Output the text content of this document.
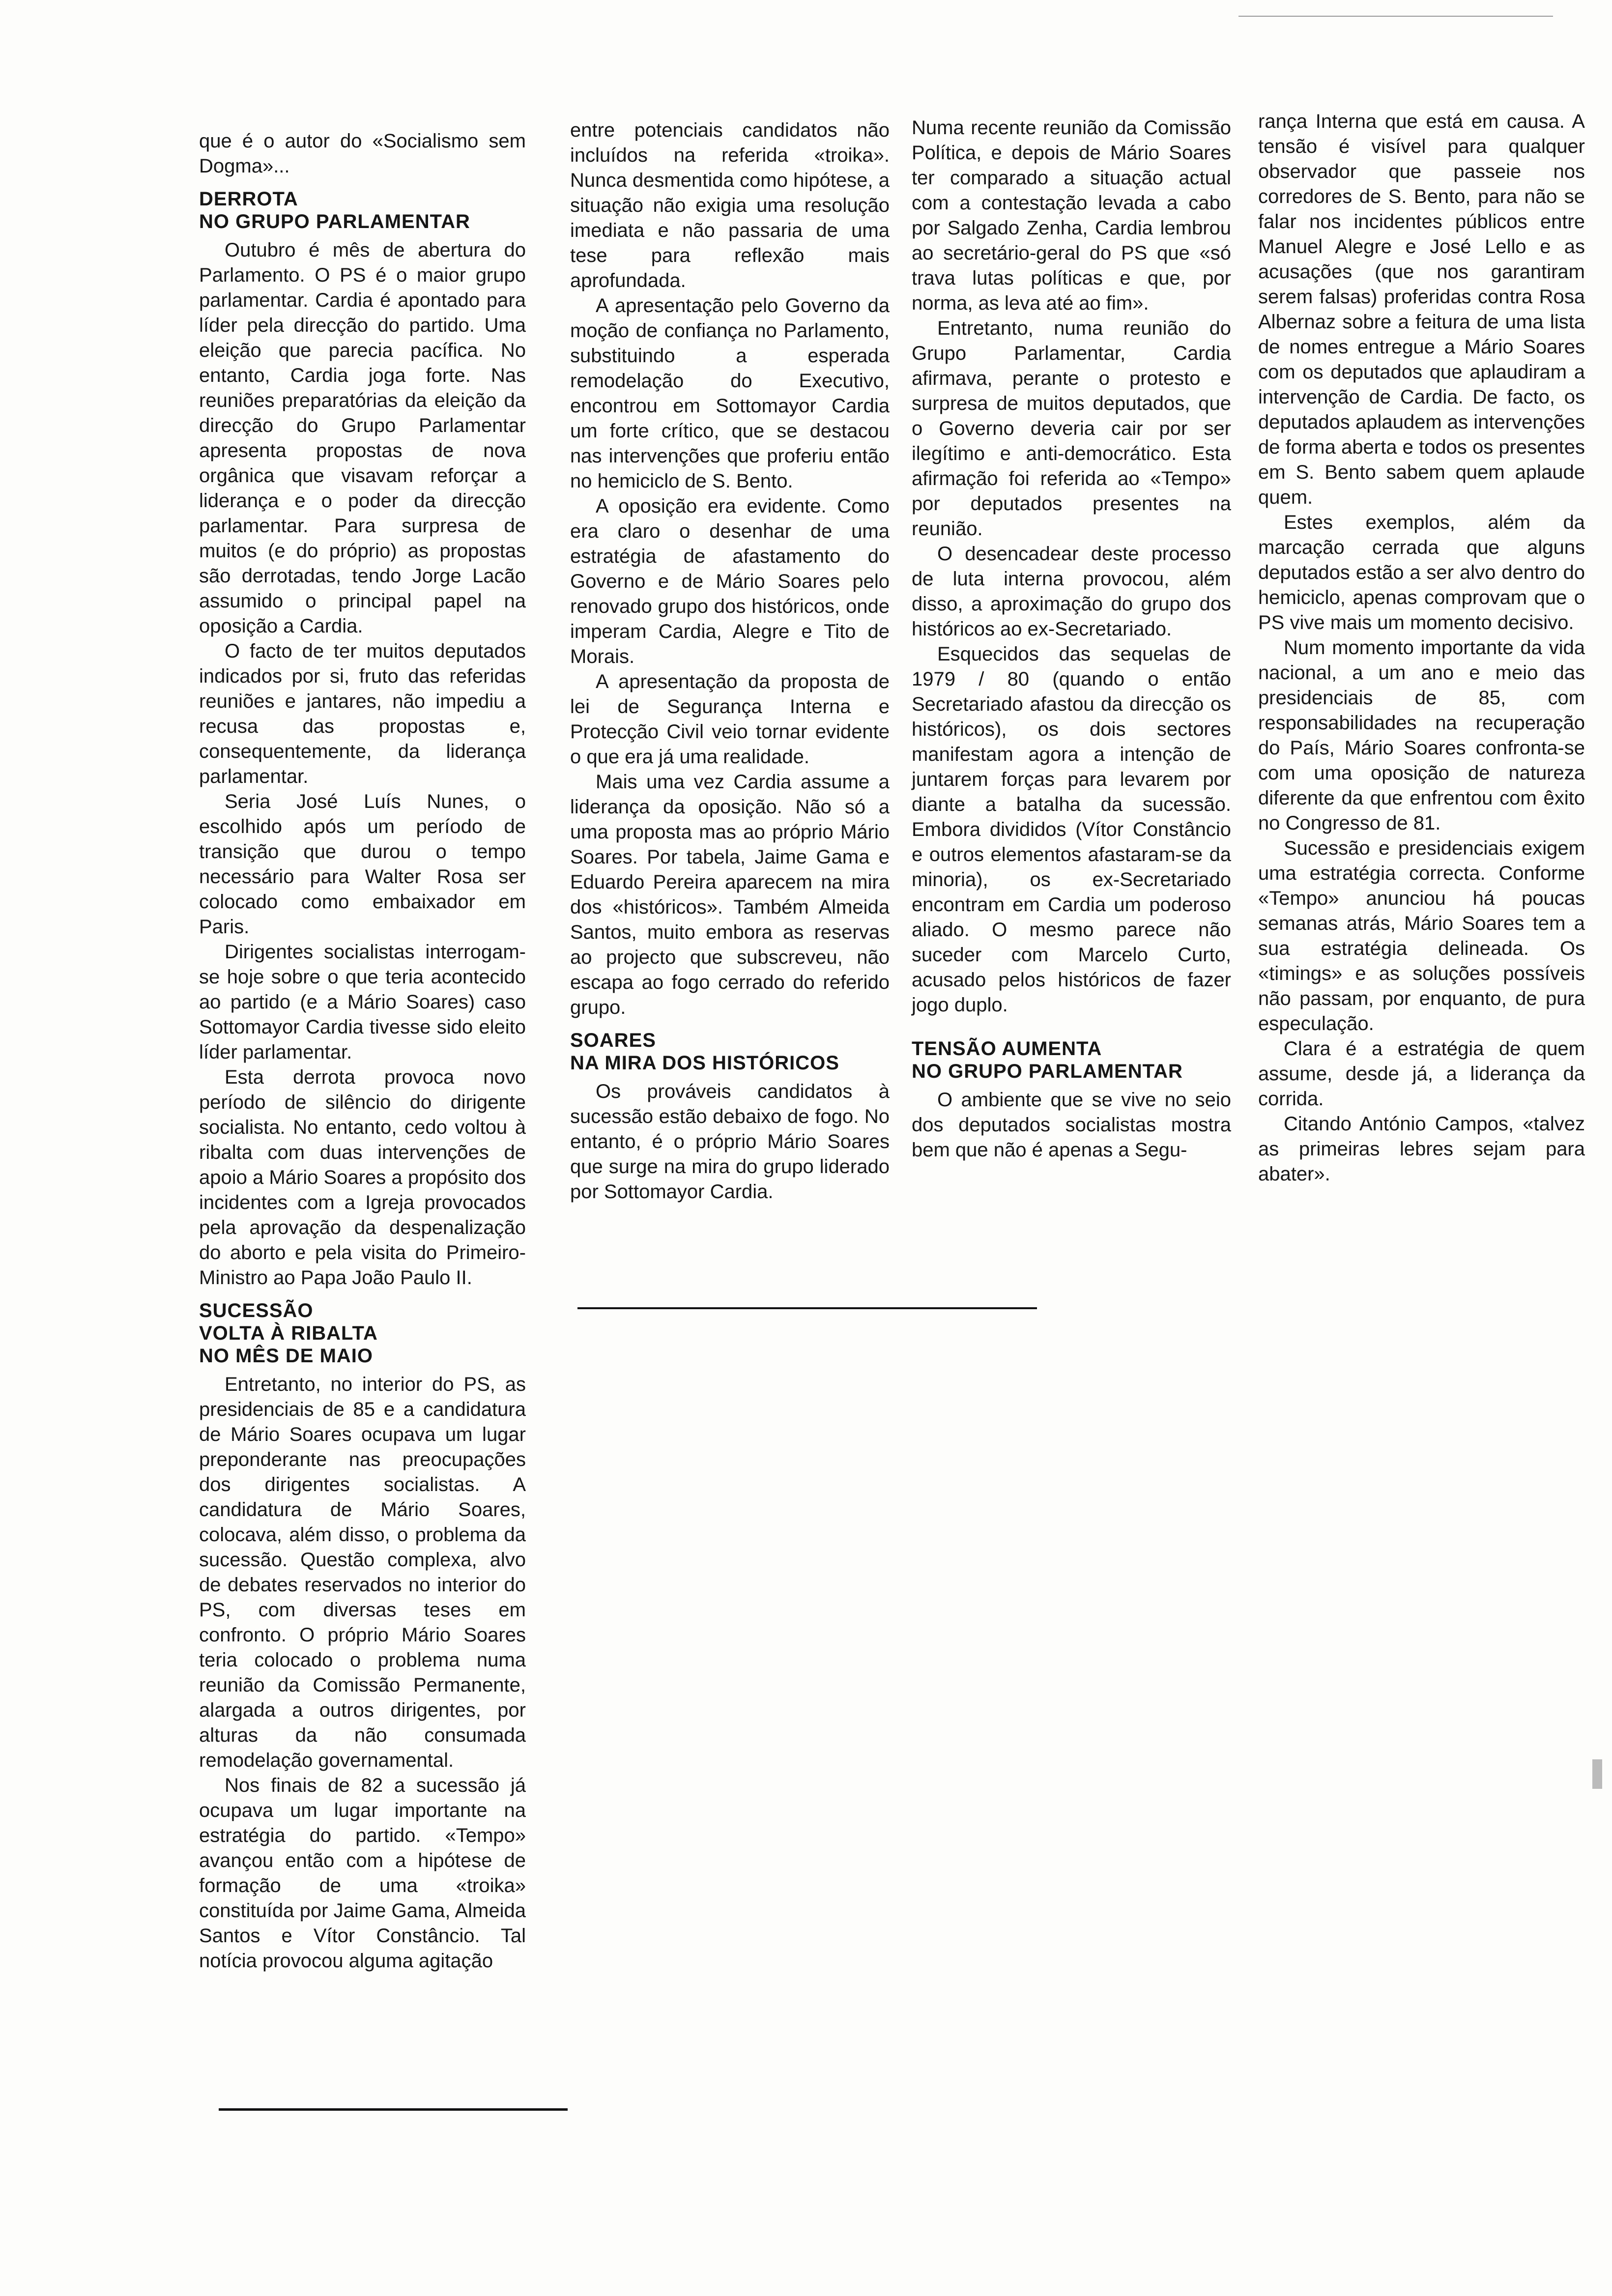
que é o autor do «Socialismo sem Dogma»...

DERROTA
NO GRUPO PARLAMENTAR

Outubro é mês de abertura do Parlamento. O PS é o maior grupo parlamentar. Cardia é apontado para líder pela direcção do partido. Uma eleição que parecia pacífica. No entanto, Cardia joga forte. Nas reuniões preparatórias da eleição da direcção do Grupo Parlamentar apresenta propostas de nova orgânica que visavam reforçar a liderança e o poder da direcção parlamentar. Para surpresa de muitos (e do próprio) as propostas são derrotadas, tendo Jorge Lacão assumido o principal papel na oposição a Cardia.

O facto de ter muitos deputados indicados por si, fruto das referidas reuniões e jantares, não impediu a recusa das propostas e, consequentemente, da liderança parlamentar.

Seria José Luís Nunes, o escolhido após um período de transição que durou o tempo necessário para Walter Rosa ser colocado como embaixador em Paris.

Dirigentes socialistas interrogam-se hoje sobre o que teria acontecido ao partido (e a Mário Soares) caso Sottomayor Cardia tivesse sido eleito líder parlamentar.

Esta derrota provoca novo período de silêncio do dirigente socialista. No entanto, cedo voltou à ribalta com duas intervenções de apoio a Mário Soares a propósito dos incidentes com a Igreja provocados pela aprovação da despenalização do aborto e pela visita do Primeiro-Ministro ao Papa João Paulo II.

SUCESSÃO
VOLTA À RIBALTA
NO MÊS DE MAIO

Entretanto, no interior do PS, as presidenciais de 85 e a candidatura de Mário Soares ocupava um lugar preponderante nas preocupações dos dirigentes socialistas. A candidatura de Mário Soares, colocava, além disso, o problema da sucessão. Questão complexa, alvo de debates reservados no interior do PS, com diversas teses em confronto. O próprio Mário Soares teria colocado o problema numa reunião da Comissão Permanente, alargada a outros dirigentes, por alturas da não consumada remodelação governamental.

Nos finais de 82 a sucessão já ocupava um lugar importante na estratégia do partido. «Tempo» avançou então com a hipótese de formação de uma «troika» constituída por Jaime Gama, Almeida Santos e Vítor Constâncio. Tal notícia provocou alguma agitação

entre potenciais candidatos não incluídos na referida «troika». Nunca desmentida como hipótese, a situação não exigia uma resolução imediata e não passaria de uma tese para reflexão mais aprofundada.

A apresentação pelo Governo da moção de confiança no Parlamento, substituindo a esperada remodelação do Executivo, encontrou em Sottomayor Cardia um forte crítico, que se destacou nas intervenções que proferiu então no hemiciclo de S. Bento.

A oposição era evidente. Como era claro o desenhar de uma estratégia de afastamento do Governo e de Mário Soares pelo renovado grupo dos históricos, onde imperam Cardia, Alegre e Tito de Morais.

A apresentação da proposta de lei de Segurança Interna e Protecção Civil veio tornar evidente o que era já uma realidade.

Mais uma vez Cardia assume a liderança da oposição. Não só a uma proposta mas ao próprio Mário Soares. Por tabela, Jaime Gama e Eduardo Pereira aparecem na mira dos «históricos». Também Almeida Santos, muito embora as reservas ao projecto que subscreveu, não escapa ao fogo cerrado do referido grupo.

SOARES
NA MIRA DOS HISTÓRICOS

Os prováveis candidatos à sucessão estão debaixo de fogo. No entanto, é o próprio Mário Soares que surge na mira do grupo liderado por Sottomayor Cardia.

Numa recente reunião da Comissão Política, e depois de Mário Soares ter comparado a situação actual com a contestação levada a cabo por Salgado Zenha, Cardia lembrou ao secretário-geral do PS que «só trava lutas políticas e que, por norma, as leva até ao fim».

Entretanto, numa reunião do Grupo Parlamentar, Cardia afirmava, perante o protesto e surpresa de muitos deputados, que o Governo deveria cair por ser ilegítimo e anti-democrático. Esta afirmação foi referida ao «Tempo» por deputados presentes na reunião.

O desencadear deste processo de luta interna provocou, além disso, a aproximação do grupo dos históricos ao ex-Secretariado.

Esquecidos das sequelas de 1979 / 80 (quando o então Secretariado afastou da direcção os históricos), os dois sectores manifestam agora a intenção de juntarem forças para levarem por diante a batalha da sucessão. Embora divididos (Vítor Constâncio e outros elementos afastaram-se da minoria), os ex-Secretariado encontram em Cardia um poderoso aliado. O mesmo parece não suceder com Marcelo Curto, acusado pelos históricos de fazer jogo duplo.

TENSÃO AUMENTA
NO GRUPO PARLAMENTAR

O ambiente que se vive no seio dos deputados socialistas mostra bem que não é apenas a Segu-

rança Interna que está em causa. A tensão é visível para qualquer observador que passeie nos corredores de S. Bento, para não se falar nos incidentes públicos entre Manuel Alegre e José Lello e as acusações (que nos garantiram serem falsas) proferidas contra Rosa Albernaz sobre a feitura de uma lista de nomes entregue a Mário Soares com os deputados que aplaudiram a intervenção de Cardia. De facto, os deputados aplaudem as intervenções de forma aberta e todos os presentes em S. Bento sabem quem aplaude quem.

Estes exemplos, além da marcação cerrada que alguns deputados estão a ser alvo dentro do hemiciclo, apenas comprovam que o PS vive mais um momento decisivo.

Num momento importante da vida nacional, a um ano e meio das presidenciais de 85, com responsabilidades na recuperação do País, Mário Soares confronta-se com uma oposição de natureza diferente da que enfrentou com êxito no Congresso de 81.

Sucessão e presidenciais exigem uma estratégia correcta. Conforme «Tempo» anunciou há poucas semanas atrás, Mário Soares tem a sua estratégia delineada. Os «timings» e as soluções possíveis não passam, por enquanto, de pura especulação.

Clara é a estratégia de quem assume, desde já, a liderança da corrida.

Citando António Campos, «talvez as primeiras lebres sejam para abater».
